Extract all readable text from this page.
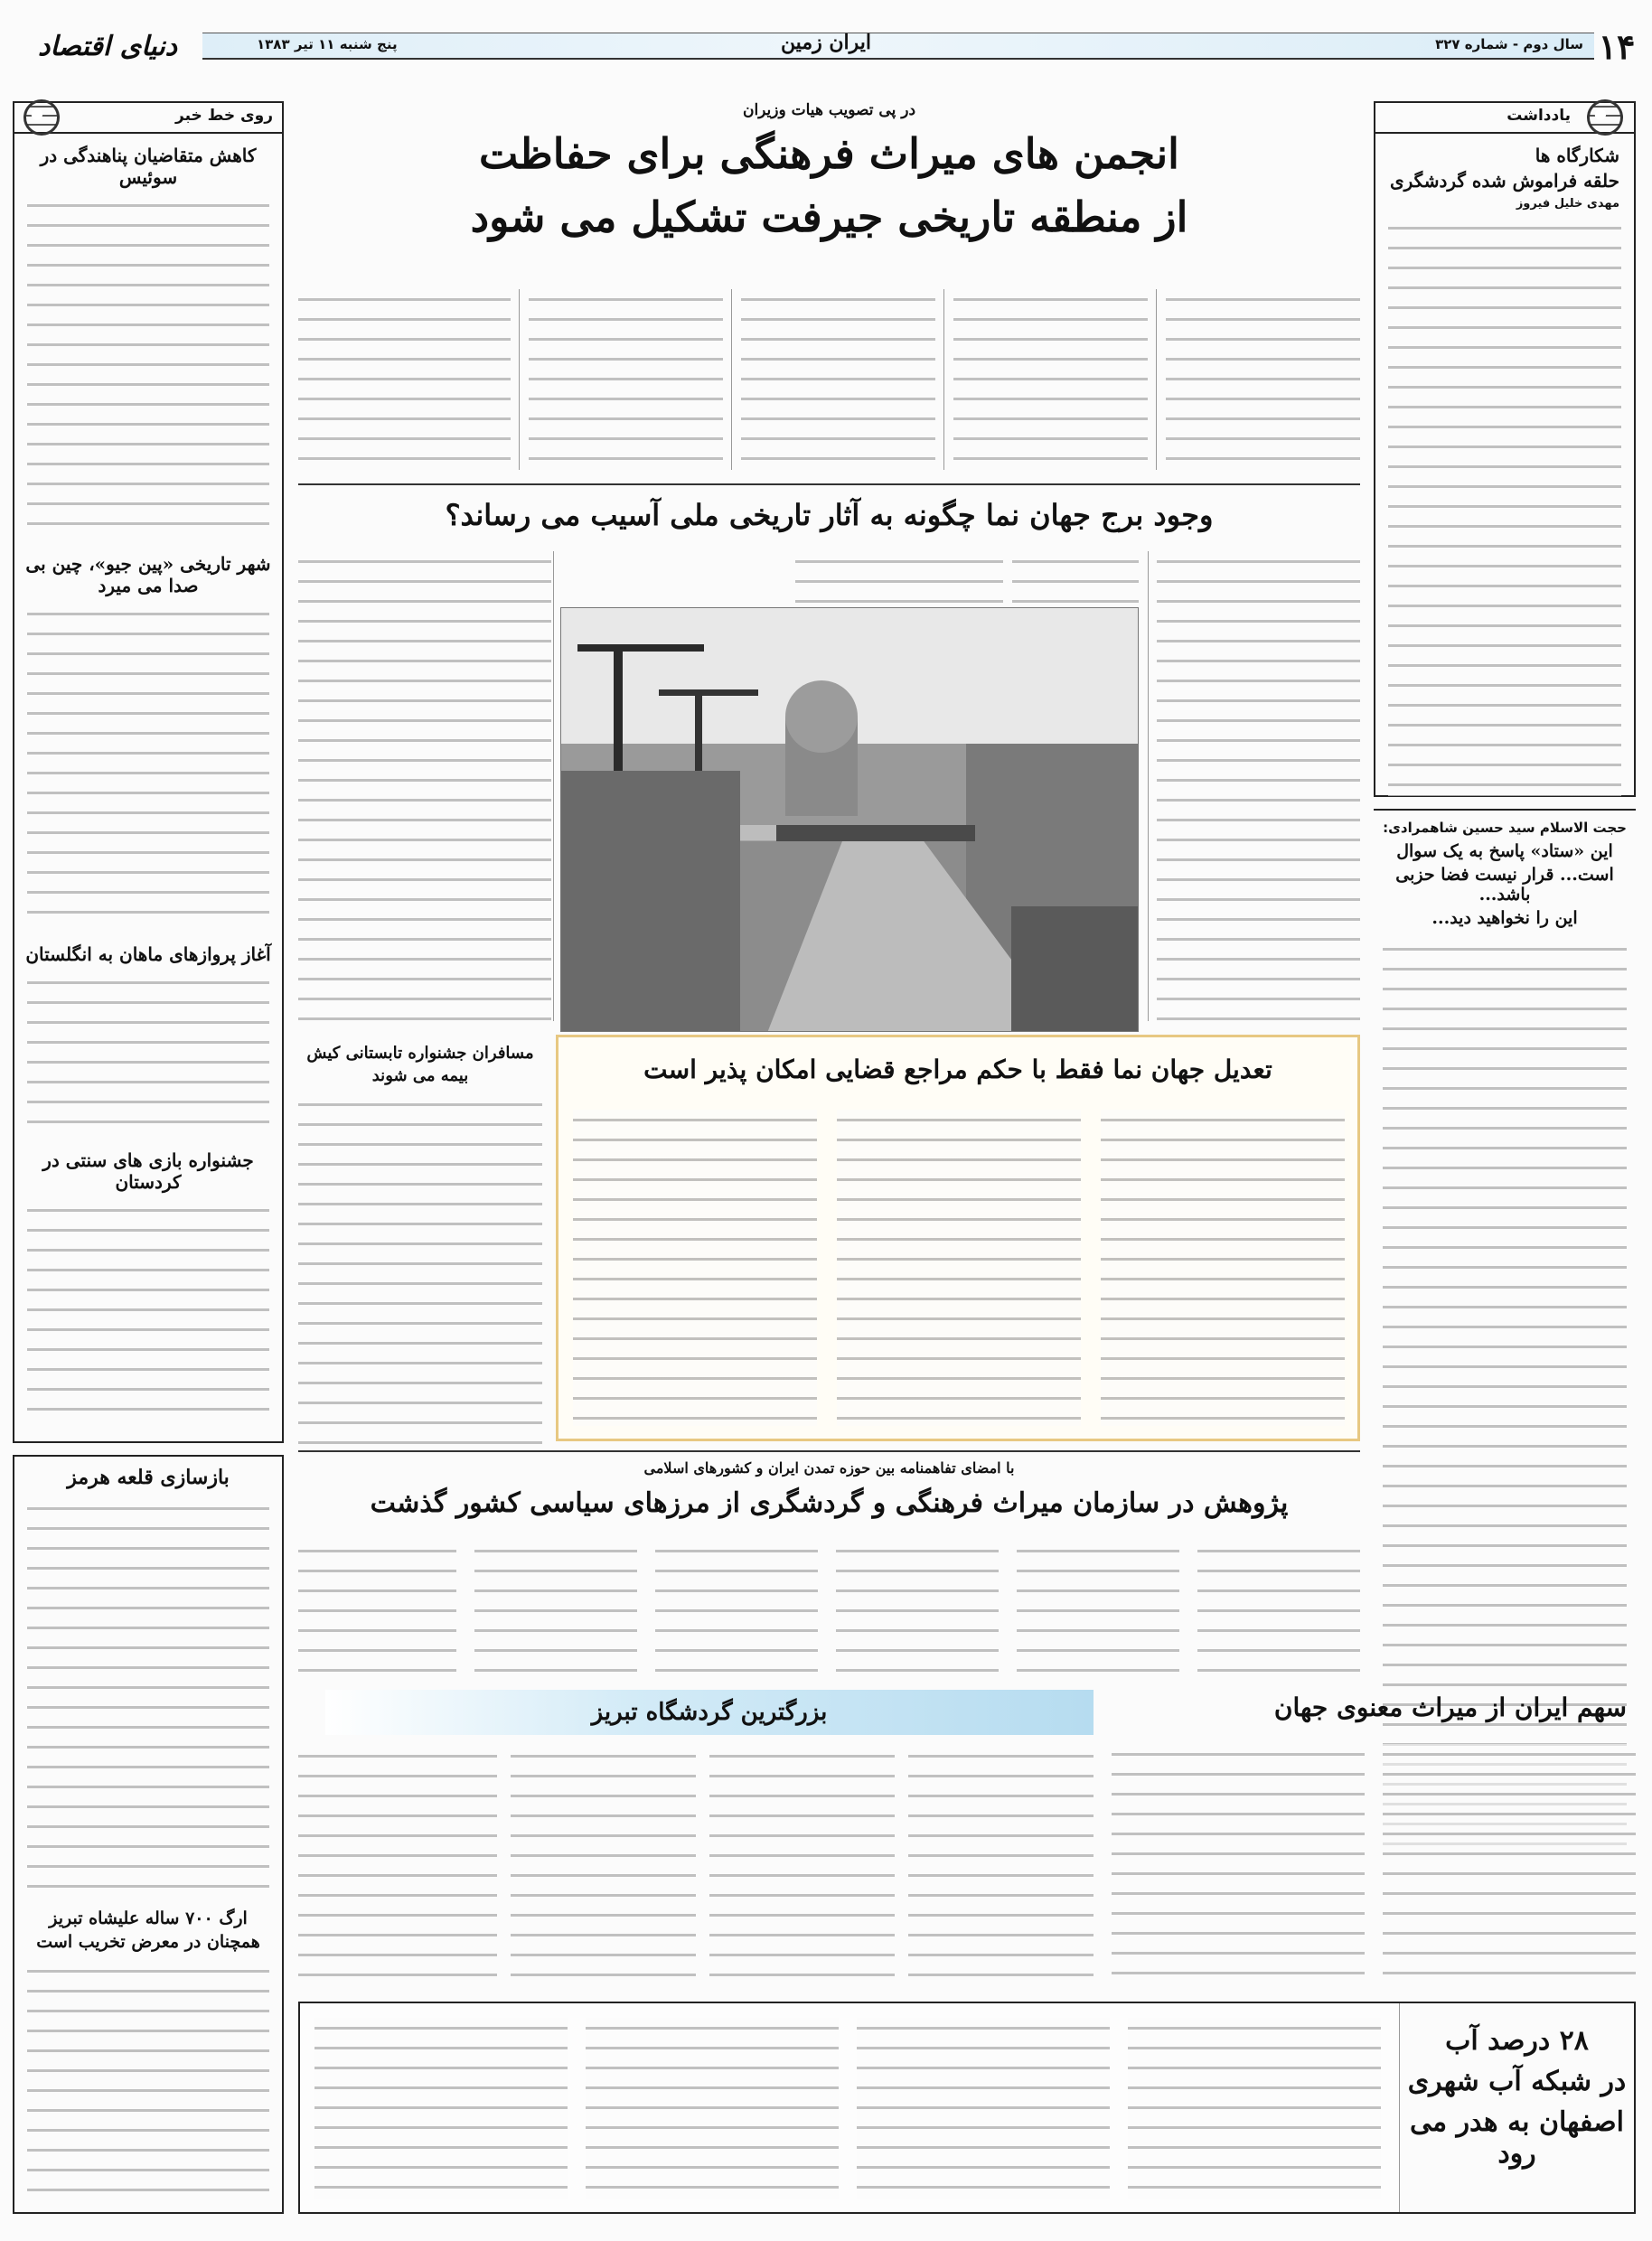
۱۴
سال دوم - شماره ۳۲۷
ایران زمین
پنج شنبه ۱۱ تیر ۱۳۸۳
دنیای اقتصاد
یادداشت
شکارگاه ها
حلقه فراموش شده گردشگری
مهدی خلیل فیروز
حجت الاسلام سید حسین شاهمرادی:
این «ستاد» پاسخ به یک سوال
است... قرار نیست فضا حزبی باشد...
این را نخواهید دید...
روی خط خبر
کاهش متقاضیان پناهندگی در سوئیس
شهر تاریخی «پین جیو»، چین بی صدا می میرد
آغاز پروازهای ماهان به انگلستان
جشنواره بازی های سنتی در کردستان
بازسازی قلعه هرمز
ارگ ۷۰۰ ساله علیشاه تبریز
همچنان در معرض تخریب است
در پی تصویب هیات وزیران
انجمن های میراث فرهنگی برای حفاظت
از منطقه تاریخی جیرفت تشکیل می شود
وجود برج جهان نما چگونه به آثار تاریخی ملی آسیب می رساند؟
مسافران جشنواره تابستانی کیش
بیمه می شوند	تعدیل جهان نما فقط با حکم مراجع قضایی امکان پذیر است
با امضای تفاهمنامه بین حوزه تمدن ایران و کشورهای اسلامی
پژوهش در سازمان میراث فرهنگی و گردشگری از مرزهای سیاسی کشور گذشت
سهم ایران از میراث معنوی جهان
بزرگترین گردشگاه تبریز
۲۸ درصد آب
در شبکه آب شهری
اصفهان به هدر می رود
